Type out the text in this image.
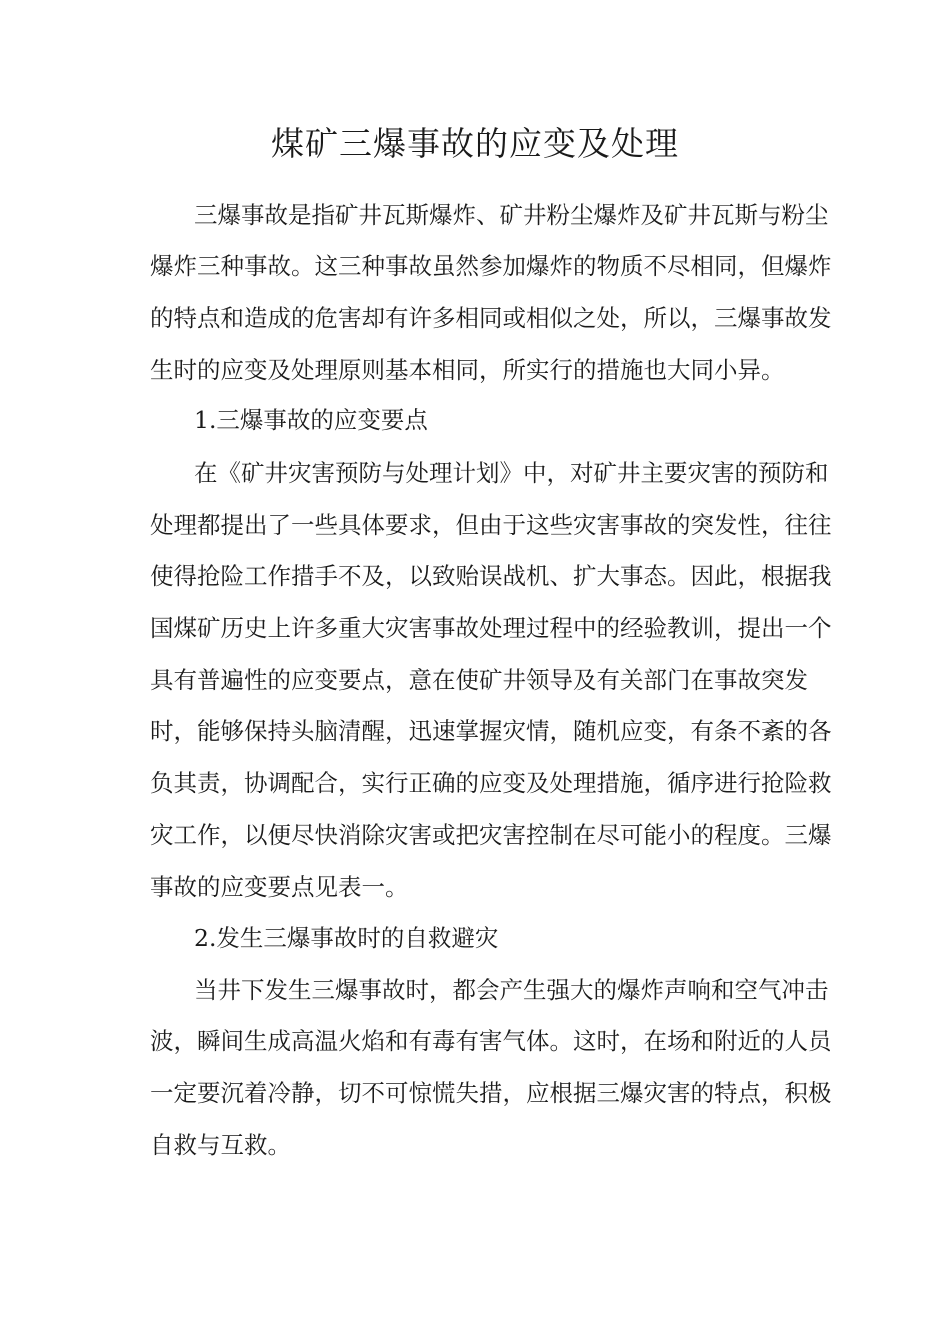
煤矿三爆事故的应变及处理
三爆事故是指矿井瓦斯爆炸、矿井粉尘爆炸及矿井瓦斯与粉尘
爆炸三种事故。这三种事故虽然参加爆炸的物质不尽相同，但爆炸
的特点和造成的危害却有许多相同或相似之处，所以，三爆事故发
生时的应变及处理原则基本相同，所实行的措施也大同小异。
1.三爆事故的应变要点
在《矿井灾害预防与处理计划》中，对矿井主要灾害的预防和
处理都提出了一些具体要求，但由于这些灾害事故的突发性，往往
使得抢险工作措手不及，以致贻误战机、扩大事态。因此，根据我
国煤矿历史上许多重大灾害事故处理过程中的经验教训，提出一个
具有普遍性的应变要点，意在使矿井领导及有关部门在事故突发
时，能够保持头脑清醒，迅速掌握灾情，随机应变，有条不紊的各
负其责，协调配合，实行正确的应变及处理措施，循序进行抢险救
灾工作，以便尽快消除灾害或把灾害控制在尽可能小的程度。三爆
事故的应变要点见表一。
2.发生三爆事故时的自救避灾
当井下发生三爆事故时，都会产生强大的爆炸声响和空气冲击
波，瞬间生成高温火焰和有毒有害气体。这时，在场和附近的人员
一定要沉着冷静，切不可惊慌失措，应根据三爆灾害的特点，积极
自救与互救。
